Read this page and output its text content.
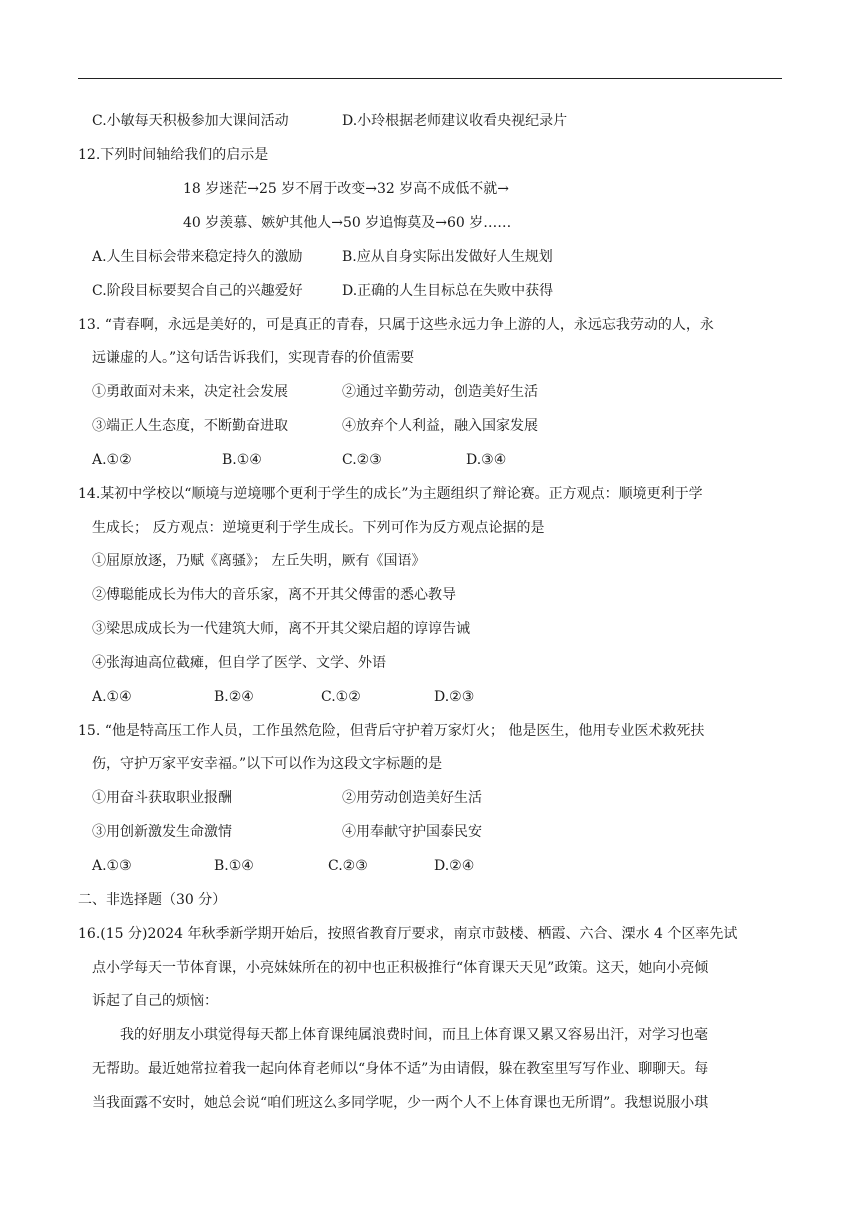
C.小敏每天积极参加大课间活动	D.小玲根据老师建议收看央视纪录片
12.下列时间轴给我们的启示是
18 岁迷茫→25 岁不屑于改变→32 岁高不成低不就→
40 岁羡慕、嫉妒其他人→50 岁追悔莫及→60 岁……
A.人生目标会带来稳定持久的激励	B.应从自身实际出发做好人生规划
C.阶段目标要契合自己的兴趣爱好	D.正确的人生目标总在失败中获得
13. “青春啊，永远是美好的，可是真正的青春，只属于这些永远力争上游的人，永远忘我劳动的人，永
远谦虚的人。”这句话告诉我们，实现青春的价值需要
①勇敢面对未来，决定社会发展	②通过辛勤劳动，创造美好生活
③端正人生态度，不断勤奋进取	④放弃个人利益，融入国家发展
A.①②	B.①④	C.②③	D.③④
14.某初中学校以“顺境与逆境哪个更利于学生的成长”为主题组织了辩论赛。正方观点：顺境更利于学
生成长； 反方观点：逆境更利于学生成长。下列可作为反方观点论据的是
①屈原放逐，乃赋《离骚》； 左丘失明，厥有《国语》
②傅聪能成长为伟大的音乐家，离不开其父傅雷的悉心教导
③梁思成成长为一代建筑大师，离不开其父梁启超的谆谆告诫
④张海迪高位截瘫，但自学了医学、文学、外语
A.①④	B.②④	C.①②	D.②③
15. “他是特高压工作人员，工作虽然危险，但背后守护着万家灯火； 他是医生，他用专业医术救死扶
伤，守护万家平安幸福。”以下可以作为这段文字标题的是
①用奋斗获取职业报酬	②用劳动创造美好生活
③用创新激发生命激情	④用奉献守护国泰民安
A.①③	B.①④	C.②③	D.②④
二、非选择题（30 分）
16.(15 分)2024 年秋季新学期开始后，按照省教育厅要求，南京市鼓楼、栖霞、六合、溧水 4 个区率先试
点小学每天一节体育课，小亮妹妹所在的初中也正积极推行“体育课天天见”政策。这天，她向小亮倾
诉起了自己的烦恼：
我的好朋友小琪觉得每天都上体育课纯属浪费时间，而且上体育课又累又容易出汗，对学习也毫
无帮助。最近她常拉着我一起向体育老师以“身体不适”为由请假，躲在教室里写写作业、聊聊天。每
当我面露不安时，她总会说“咱们班这么多同学呢，少一两个人不上体育课也无所谓”。我想说服小琪
